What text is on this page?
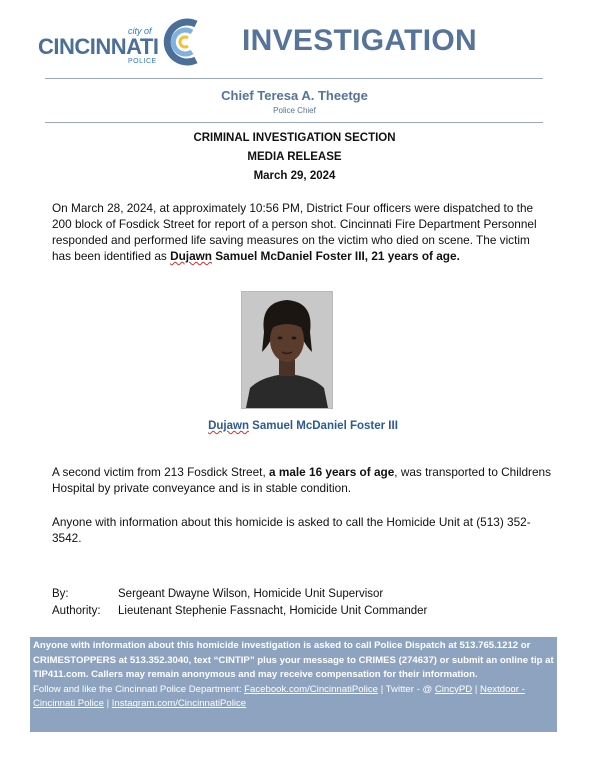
city of
CINCINNATI
POLICE
INVESTIGATION
Chief Teresa A. Theetge
Police Chief
CRIMINAL INVESTIGATION SECTION
MEDIA RELEASE
March 29, 2024
On March 28, 2024, at approximately 10:56 PM, District Four officers were dispatched to the 200 block of Fosdick Street for report of a person shot. Cincinnati Fire Department Personnel responded and performed life saving measures on the victim who died on scene. The victim has been identified as Dujawn Samuel McDaniel Foster III, 21 years of age.
Dujawn Samuel McDaniel Foster III
A second victim from 213 Fosdick Street, a male 16 years of age, was transported to Childrens Hospital by private conveyance and is in stable condition.
Anyone with information about this homicide is asked to call the Homicide Unit at (513) 352-3542.
By:	Sergeant Dwayne Wilson, Homicide Unit Supervisor
Authority: Lieutenant Stephenie Fassnacht, Homicide Unit Commander
Anyone with information about this homicide investigation is asked to call Police Dispatch at 513.765.1212 or CRIMESTOPPERS at 513.352.3040, text “CINTIP” plus your message to CRIMES (274637) or submit an online tip at TIP411.com. Callers may remain anonymous and may receive compensation for their information.
Follow and like the Cincinnati Police Department: Facebook.com/CincinnatiPolice | Twitter - @ CincyPD | Nextdoor - Cincinnati Police | Instagram.com/CincinnatiPolice
